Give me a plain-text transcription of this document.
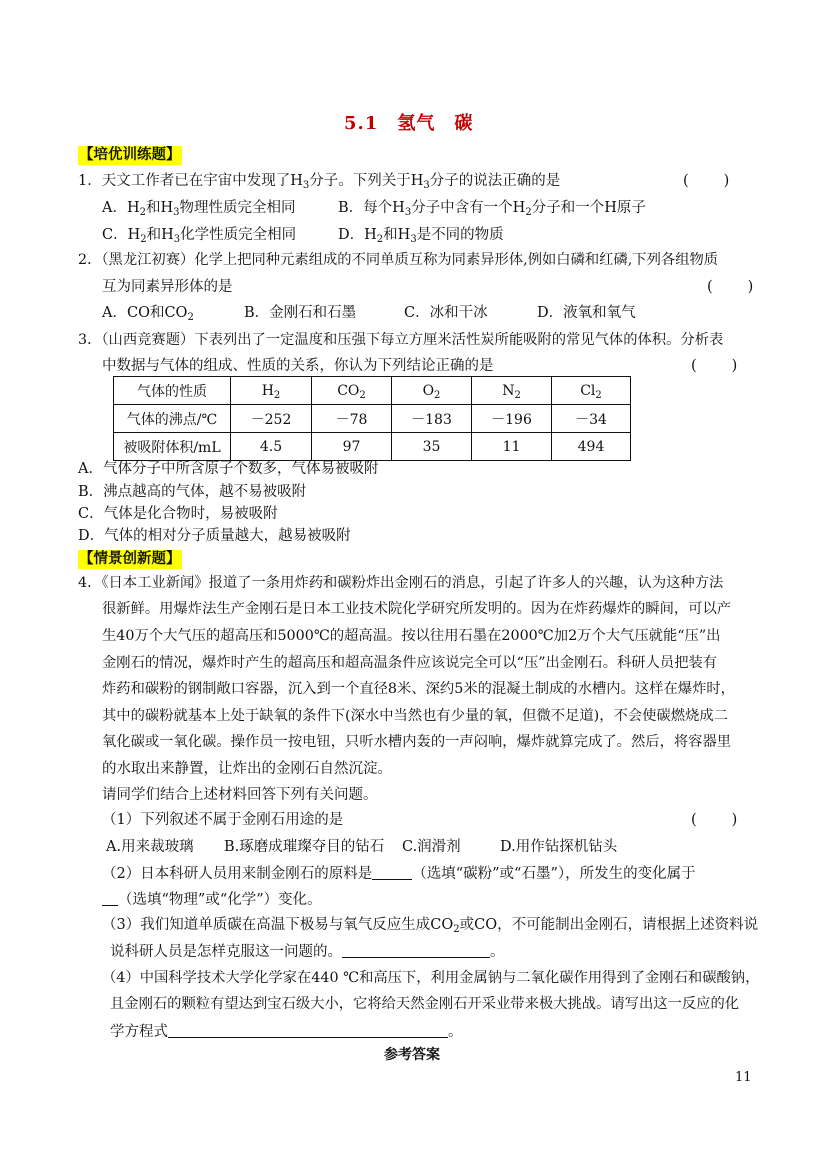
5.1　氢气　碳
【培优训练题】
1．天文工作者已在宇宙中发现了$H_3$分子。下列关于$H_3$分子的说法正确的是	(　　)
A．$H_2$和$H_3$物理性质完全相同	B．每个$H_3$分子中含有一个$H_2$分子和一个H原子
C．$H_2$和$H_3$化学性质完全相同	D．$H_2$和$H_3$是不同的物质
2．（黑龙江初赛）化学上把同种元素组成的不同单质互称为同素异形体,例如白磷和红磷,下列各组物质
互为同素异形体的是	(　　)
A．CO和$CO_2$	B．金刚石和石墨	C．冰和干冰	D．液氧和氧气
3．（山西竞赛题）下表列出了一定温度和压强下每立方厘米活性炭所能吸附的常见气体的体积。分析表
中数据与气体的组成、性质的关系，你认为下列结论正确的是	(　　)
气体的性质	$H_2$	$CO_2$	$O_2$	$N_2$	$Cl_2$
气体的沸点/℃	－252	－78	－183	－196	－34
被吸附体积/mL	4.5	97	35	11	494
A．气体分子中所含原子个数多，气体易被吸附
B．沸点越高的气体，越不易被吸附
C．气体是化合物时，易被吸附
D．气体的相对分子质量越大，越易被吸附
【情景创新题】
4．《日本工业新闻》报道了一条用炸药和碳粉炸出金刚石的消息，引起了许多人的兴趣，认为这种方法
很新鲜。用爆炸法生产金刚石是日本工业技术院化学研究所发明的。因为在炸药爆炸的瞬间，可以产
生40万个大气压的超高压和5000℃的超高温。按以往用石墨在2000℃加2万个大气压就能“压”出
金刚石的情况，爆炸时产生的超高压和超高温条件应该说完全可以“压”出金刚石。科研人员把装有
炸药和碳粉的钢制敞口容器，沉入到一个直径8米、深约5米的混凝土制成的水槽内。这样在爆炸时，
其中的碳粉就基本上处于缺氧的条件下(深水中当然也有少量的氧，但微不足道)，不会使碳燃烧成二
氧化碳或一氧化碳。操作员一按电钮，只听水槽内轰的一声闷响，爆炸就算完成了。然后，将容器里
的水取出来静置，让炸出的金刚石自然沉淀。
请同学们结合上述材料回答下列有关问题。
（1）下列叙述不属于金刚石用途的是	(　　)
A.用来裁玻璃 B.琢磨成璀璨夺目的钻石 C.润滑剂	D.用作钻探机钻头
（2）日本科研人员用来制金刚石的原料是	（选填“碳粉”或“石墨”），所发生的变化属于
（选填“物理”或“化学”）变化。
（3）我们知道单质碳在高温下极易与氧气反应生成$CO_2$或CO，不可能制出金刚石，请根据上述资料说
说科研人员是怎样克服这一问题的。	。
（4）中国科学技术大学化学家在440 ℃和高压下，利用金属钠与二氧化碳作用得到了金刚石和碳酸钠，
且金刚石的颗粒有望达到宝石级大小，它将给天然金刚石开采业带来极大挑战。请写出这一反应的化
学方程式	。
参考答案
11
